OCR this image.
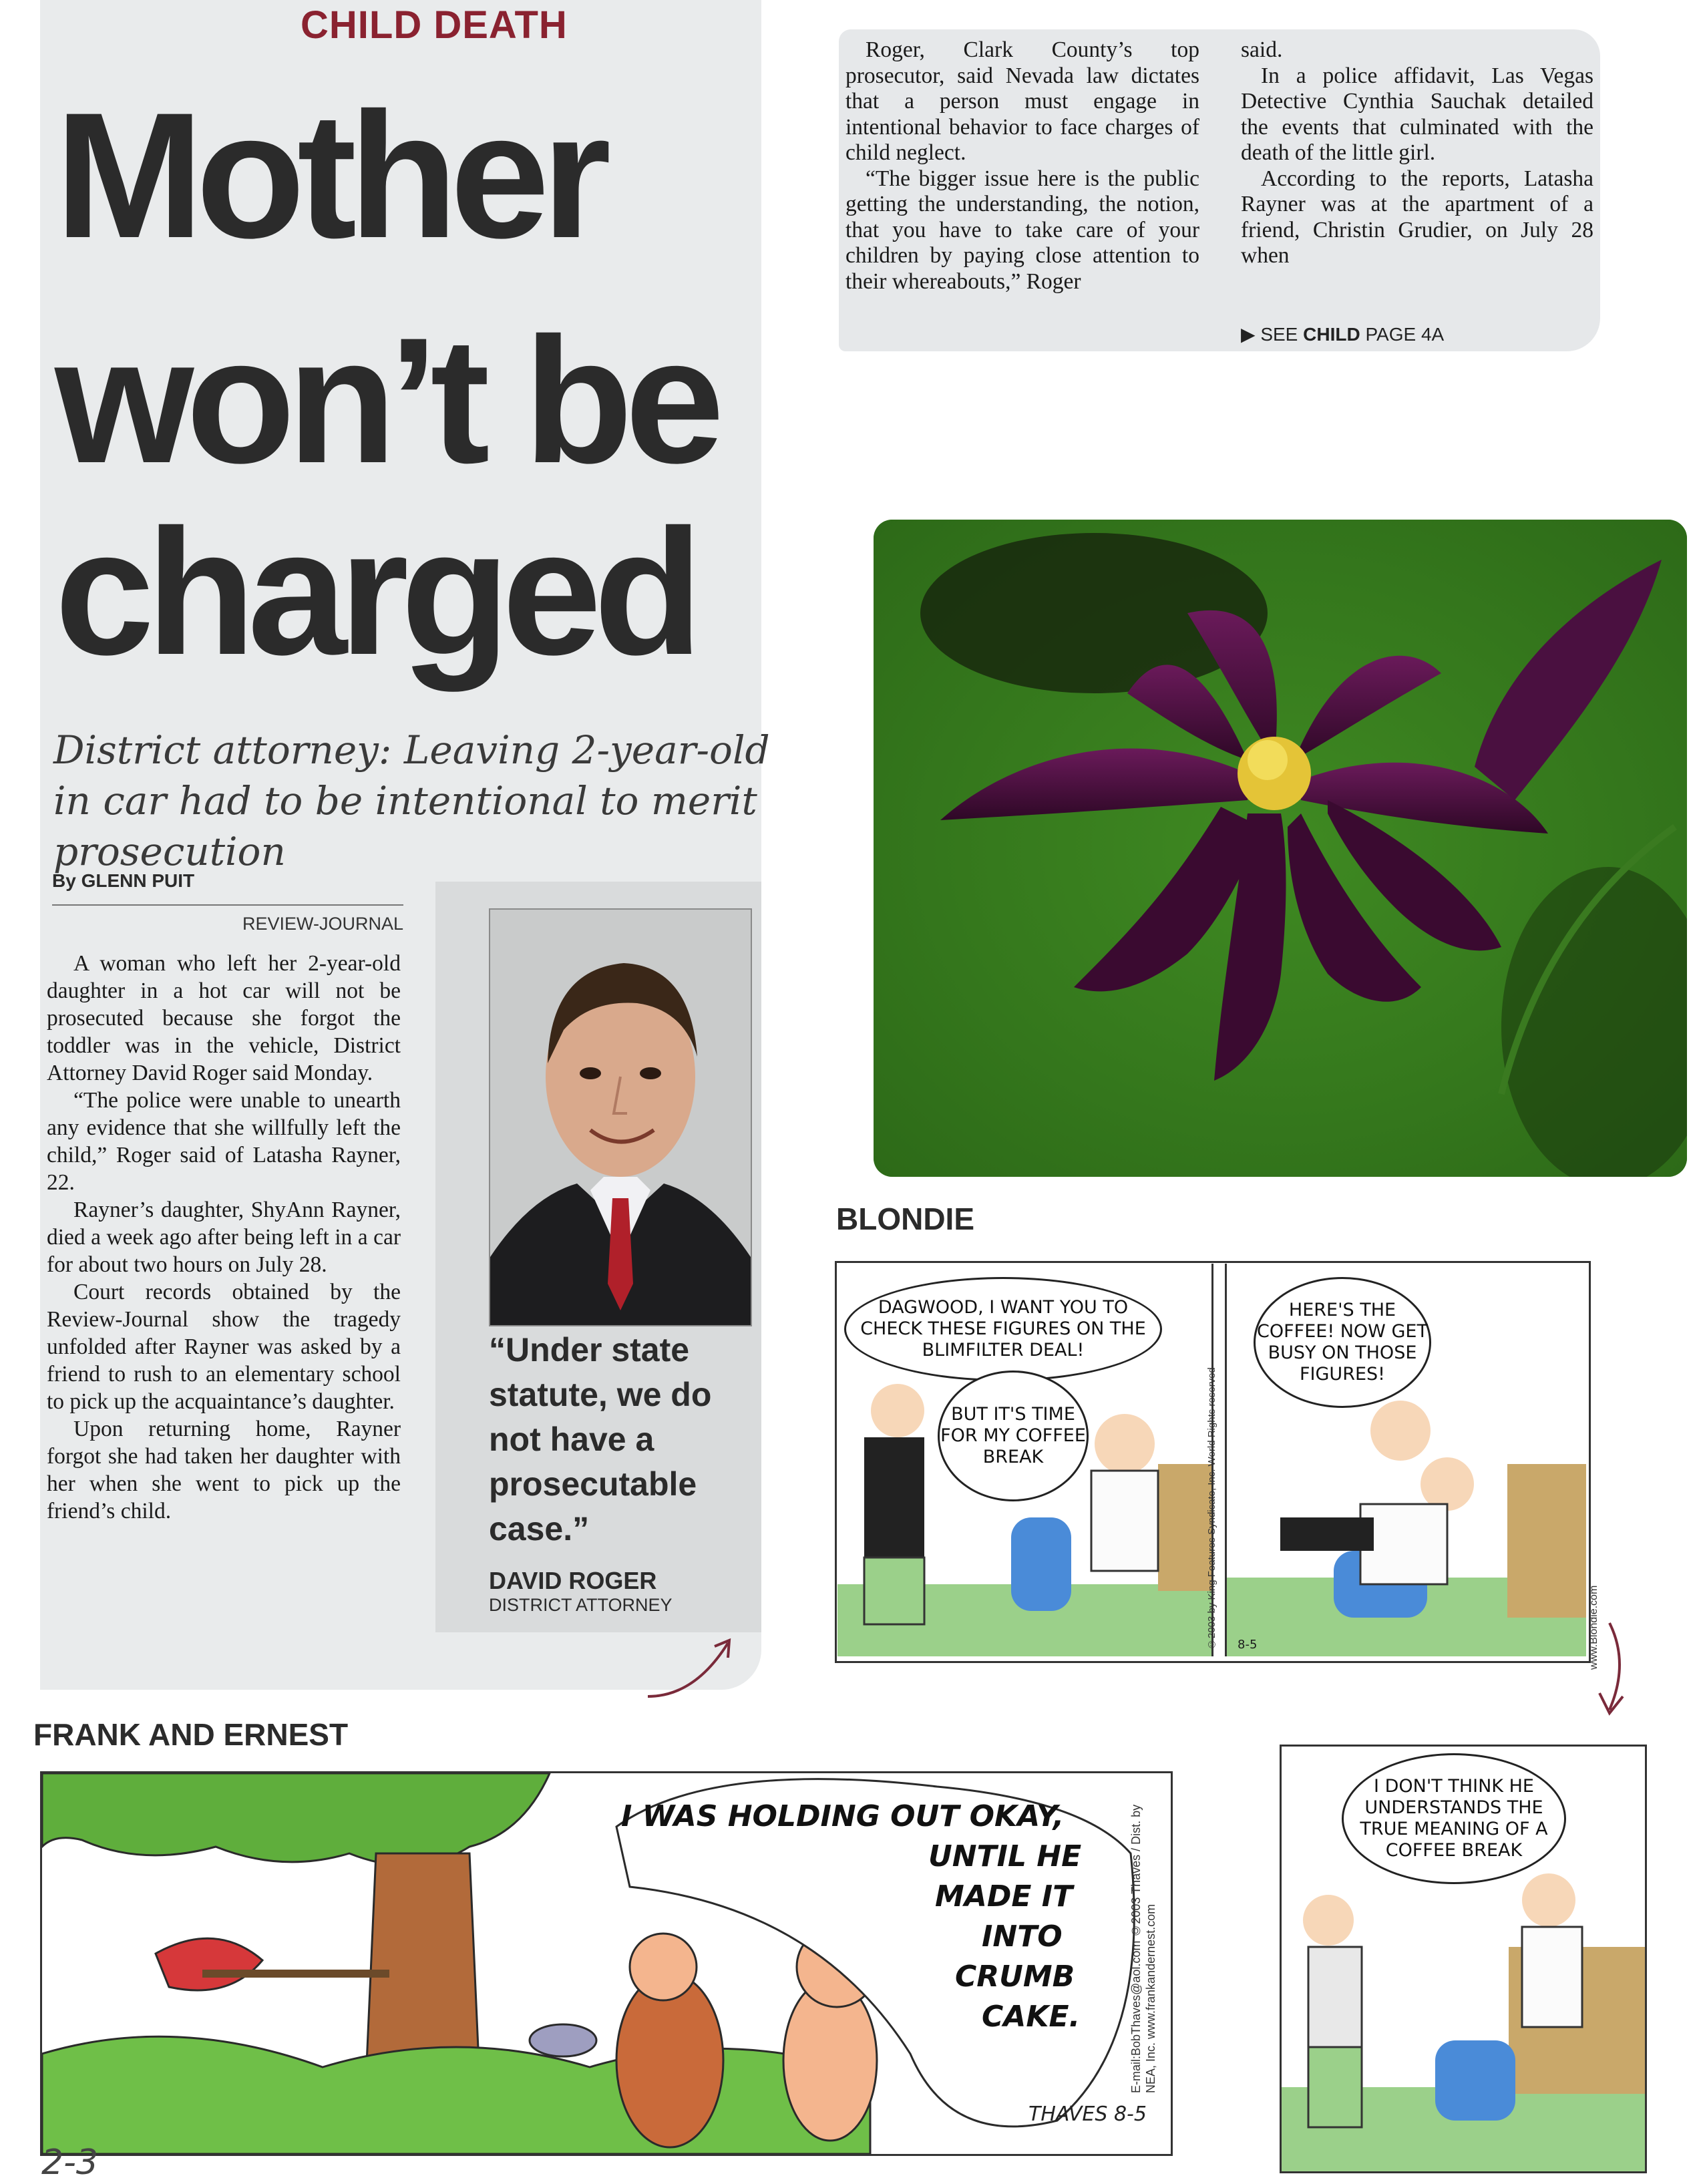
CHILD DEATH
Mother
won’t be
charged
District attorney: Leaving 2-year-old in car had to be intentional to merit prosecution
By GLENN PUIT
REVIEW-JOURNAL

A woman who left her 2-year-old daughter in a hot car will not be prosecuted because she forgot the toddler was in the vehicle, District Attorney David Roger said Monday.

“The police were unable to unearth any evidence that she willfully left the child,” Roger said of Latasha Rayner, 22.

Rayner’s daughter, ShyAnn Rayner, died a week ago after being left in a car for about two hours on July 28.

Court records obtained by the Review-Journal show the tragedy unfolded after Rayner was asked by a friend to rush to an elementary school to pick up the acquaintance’s daughter.

Upon returning home, Rayner forgot she had taken her daughter with her when she went to pick up the friend’s child.

“Under state statute, we do not have a prosecutable case.”
DAVID ROGER
DISTRICT ATTORNEY

Roger, Clark County’s top prosecutor, said Nevada law dictates that a person must engage in intentional behavior to face charges of child neglect.

“The bigger issue here is the public getting the understanding, the notion, that you have to take care of your children by paying close attention to their whereabouts,” Roger

said.

In a police affidavit, Las Vegas Detective Cynthia Sauchak detailed the events that culminated with the death of the little girl.

According to the reports, Latasha Rayner was at the apartment of a friend, Christin Grudier, on July 28 when

▶ SEE CHILD PAGE 4A
BLONDIE
DAGWOOD, I WANT YOU TO CHECK THESE FIGURES ON THE BLIMFILTER DEAL!
BUT IT'S TIME FOR MY COFFEE BREAK	©2003 by King Features Syndicate, Inc. World Rights reserved
HERE'S THE COFFEE! NOW GET BUSY ON THOSE FIGURES!
8-5	www.Blondie.com
I DON'T THINK HE UNDERSTANDS THE TRUE MEANING OF A COFFEE BREAK
FRANK AND ERNEST
I WAS HOLDING OUT OKAY,
UNTIL HE
MADE IT
INTO
CRUMB
CAKE.
THAVES 8-5
E-mail:BobThaves@aol.com ©2003 Thaves / Dist. by NEA, Inc. www.frankandernest.com
2-3
